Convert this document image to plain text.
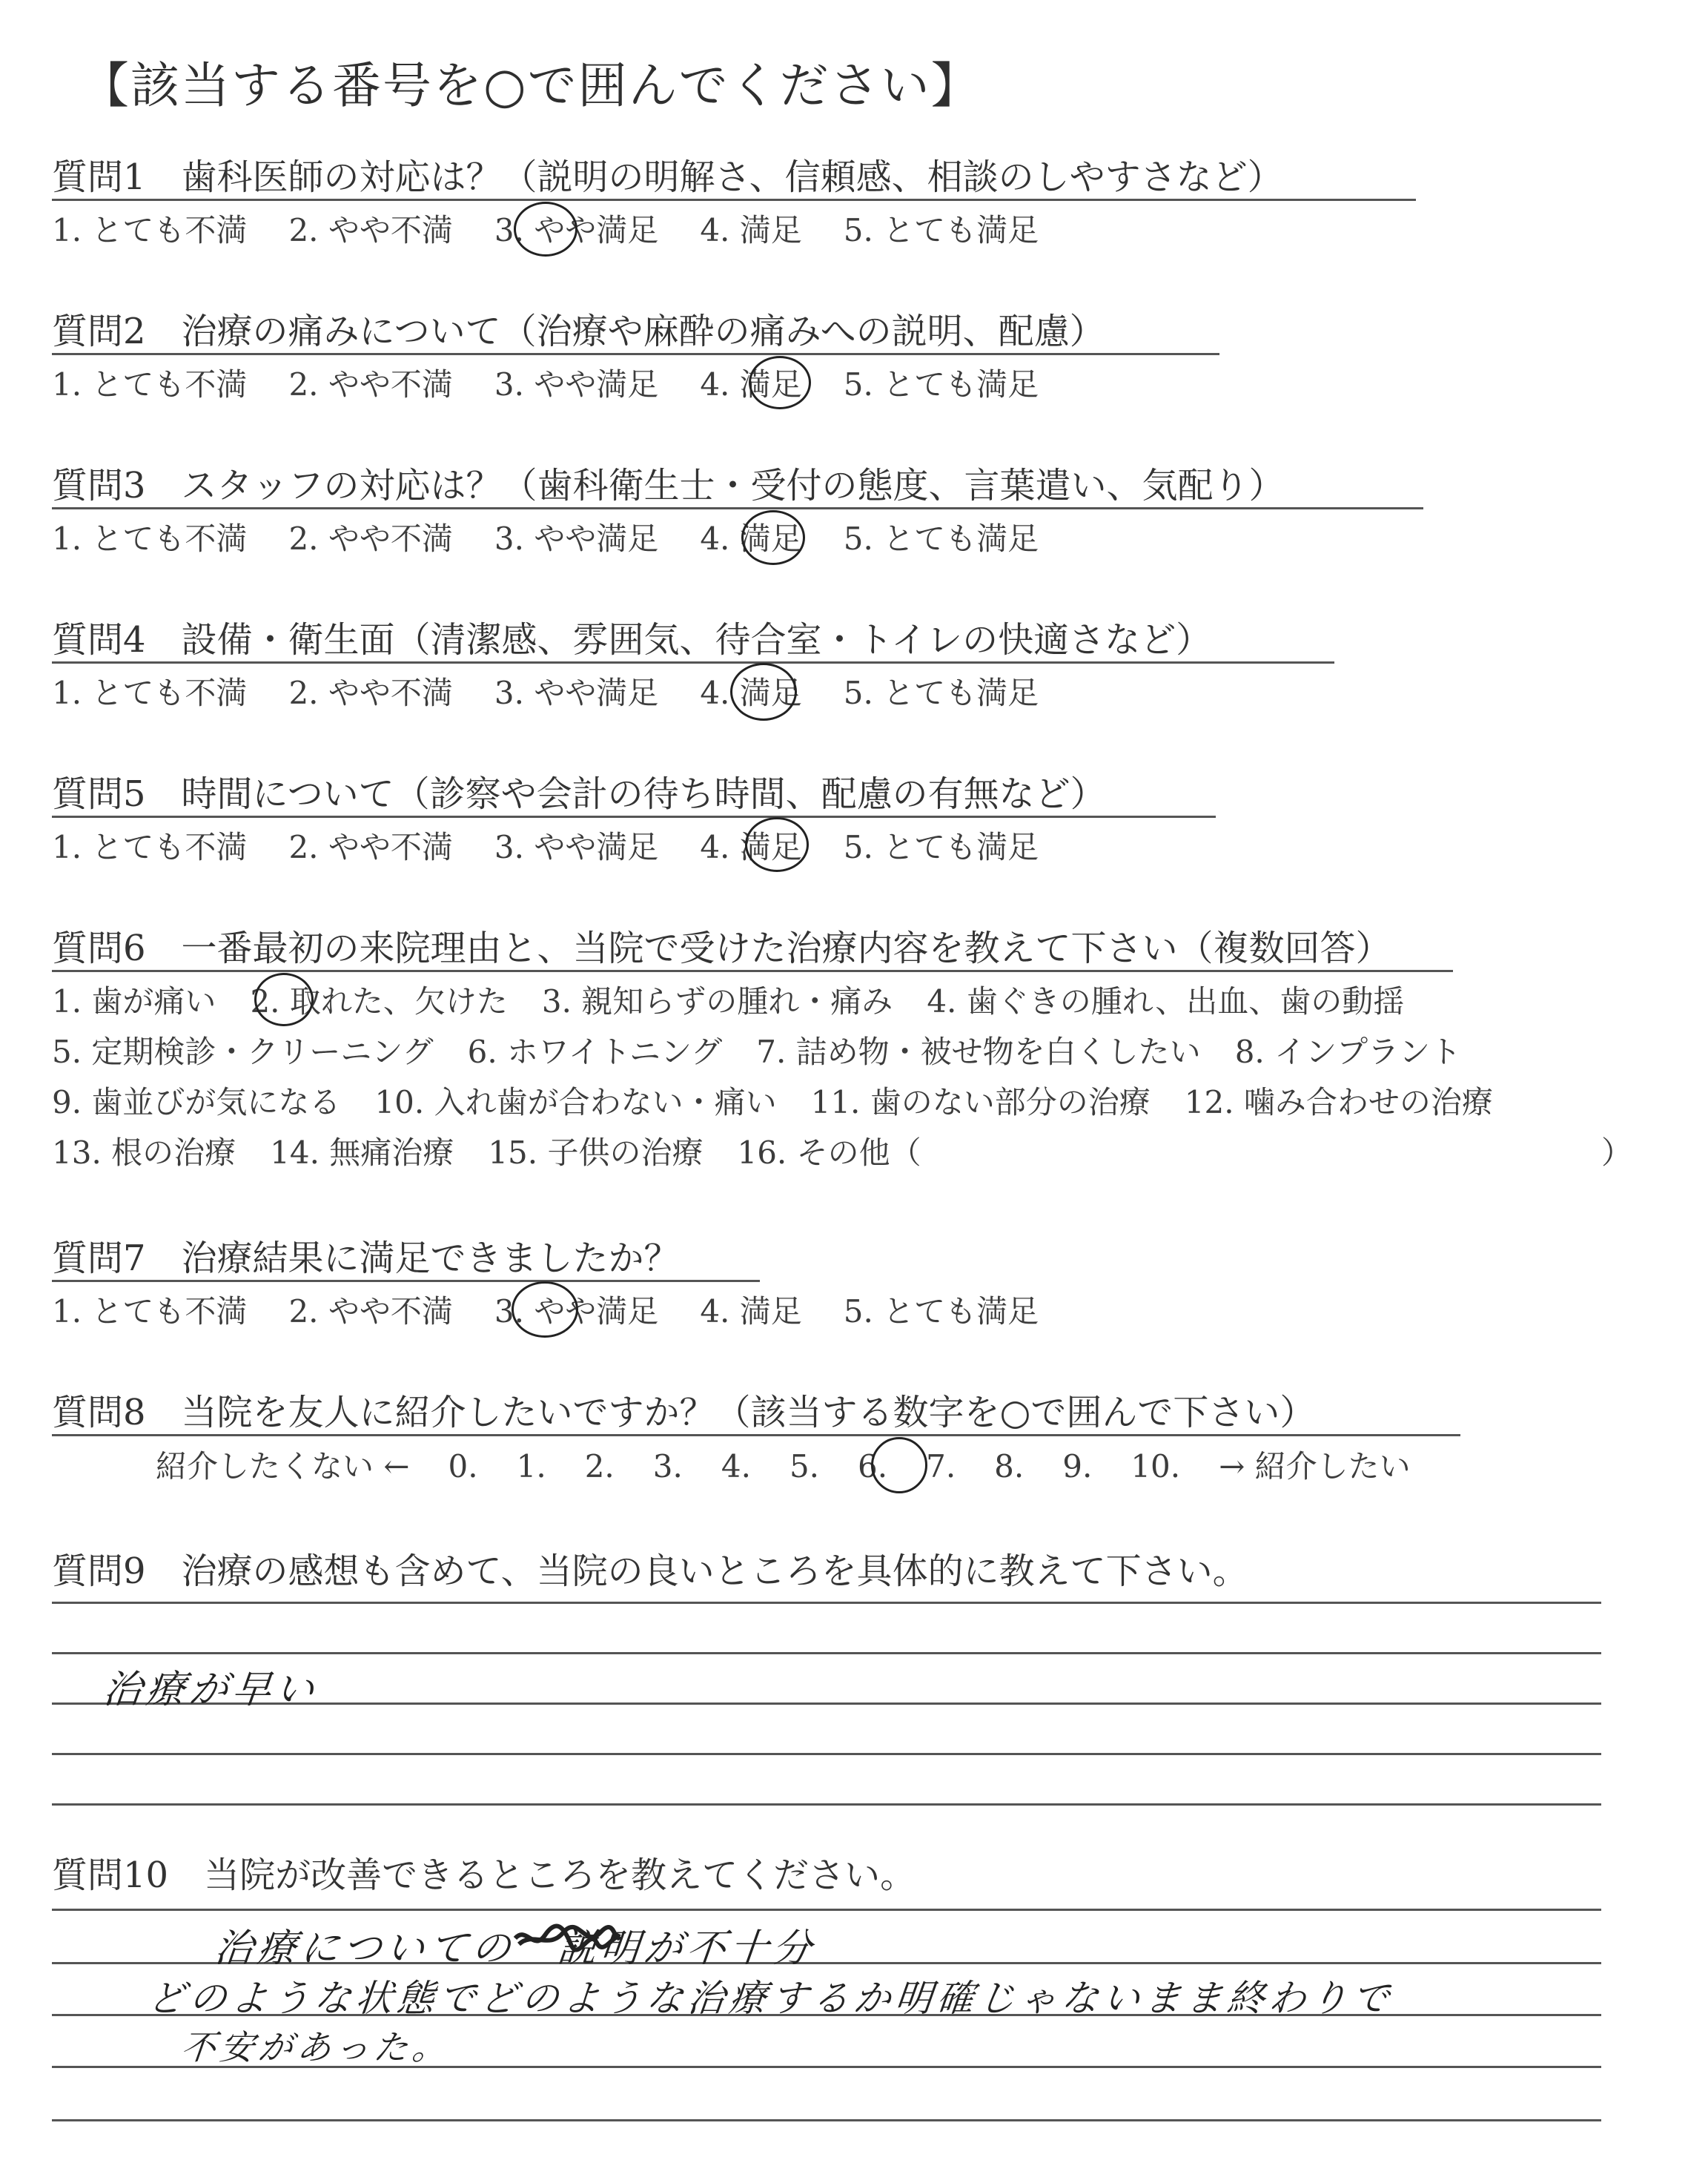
【該当する番号を○で囲んでください】
質問1　歯科医師の対応は？（説明の明解さ、信頼感、相談のしやすさなど）
1. とても不満 2. やや不満 3. やや満足 4. 満足 5. とても満足
質問2　治療の痛みについて（治療や麻酔の痛みへの説明、配慮）
1. とても不満 2. やや不満 3. やや満足 4. 満足 5. とても満足
質問3　スタッフの対応は？（歯科衛生士・受付の態度、言葉遣い、気配り）
1. とても不満 2. やや不満 3. やや満足 4. 満足 5. とても満足
質問4　設備・衛生面（清潔感、雰囲気、待合室・トイレの快適さなど）
1. とても不満 2. やや不満 3. やや満足 4. 満足 5. とても満足
質問5　時間について（診察や会計の待ち時間、配慮の有無など）
1. とても不満 2. やや不満 3. やや満足 4. 満足 5. とても満足
質問6　一番最初の来院理由と、当院で受けた治療内容を教えて下さい（複数回答）
1. 歯が痛い 2. 取れた、欠けた 3. 親知らずの腫れ・痛み 4. 歯ぐきの腫れ、出血、歯の動揺
5. 定期検診・クリーニング 6. ホワイトニング 7. 詰め物・被せ物を白くしたい 8. インプラント
9. 歯並びが気になる 10. 入れ歯が合わない・痛い 11. 歯のない部分の治療 12. 噛み合わせの治療
13. 根の治療 14. 無痛治療 15. 子供の治療 16. その他（	）
質問7　治療結果に満足できましたか？
1. とても不満 2. やや不満 3. やや満足 4. 満足 5. とても満足
質問8　当院を友人に紹介したいですか？（該当する数字を○で囲んで下さい）
紹介したくない ← 0. 1. 2. 3. 4. 5. 6. 7. 8. 9. 10. → 紹介したい
質問9　治療の感想も含めて、当院の良いところを具体的に教えて下さい。
治療が早い
質問10　当院が改善できるところを教えてください。
治療についての　説明が不十分
どのような状態でどのような治療するか明確じゃないまま終わりで
不安があった。
